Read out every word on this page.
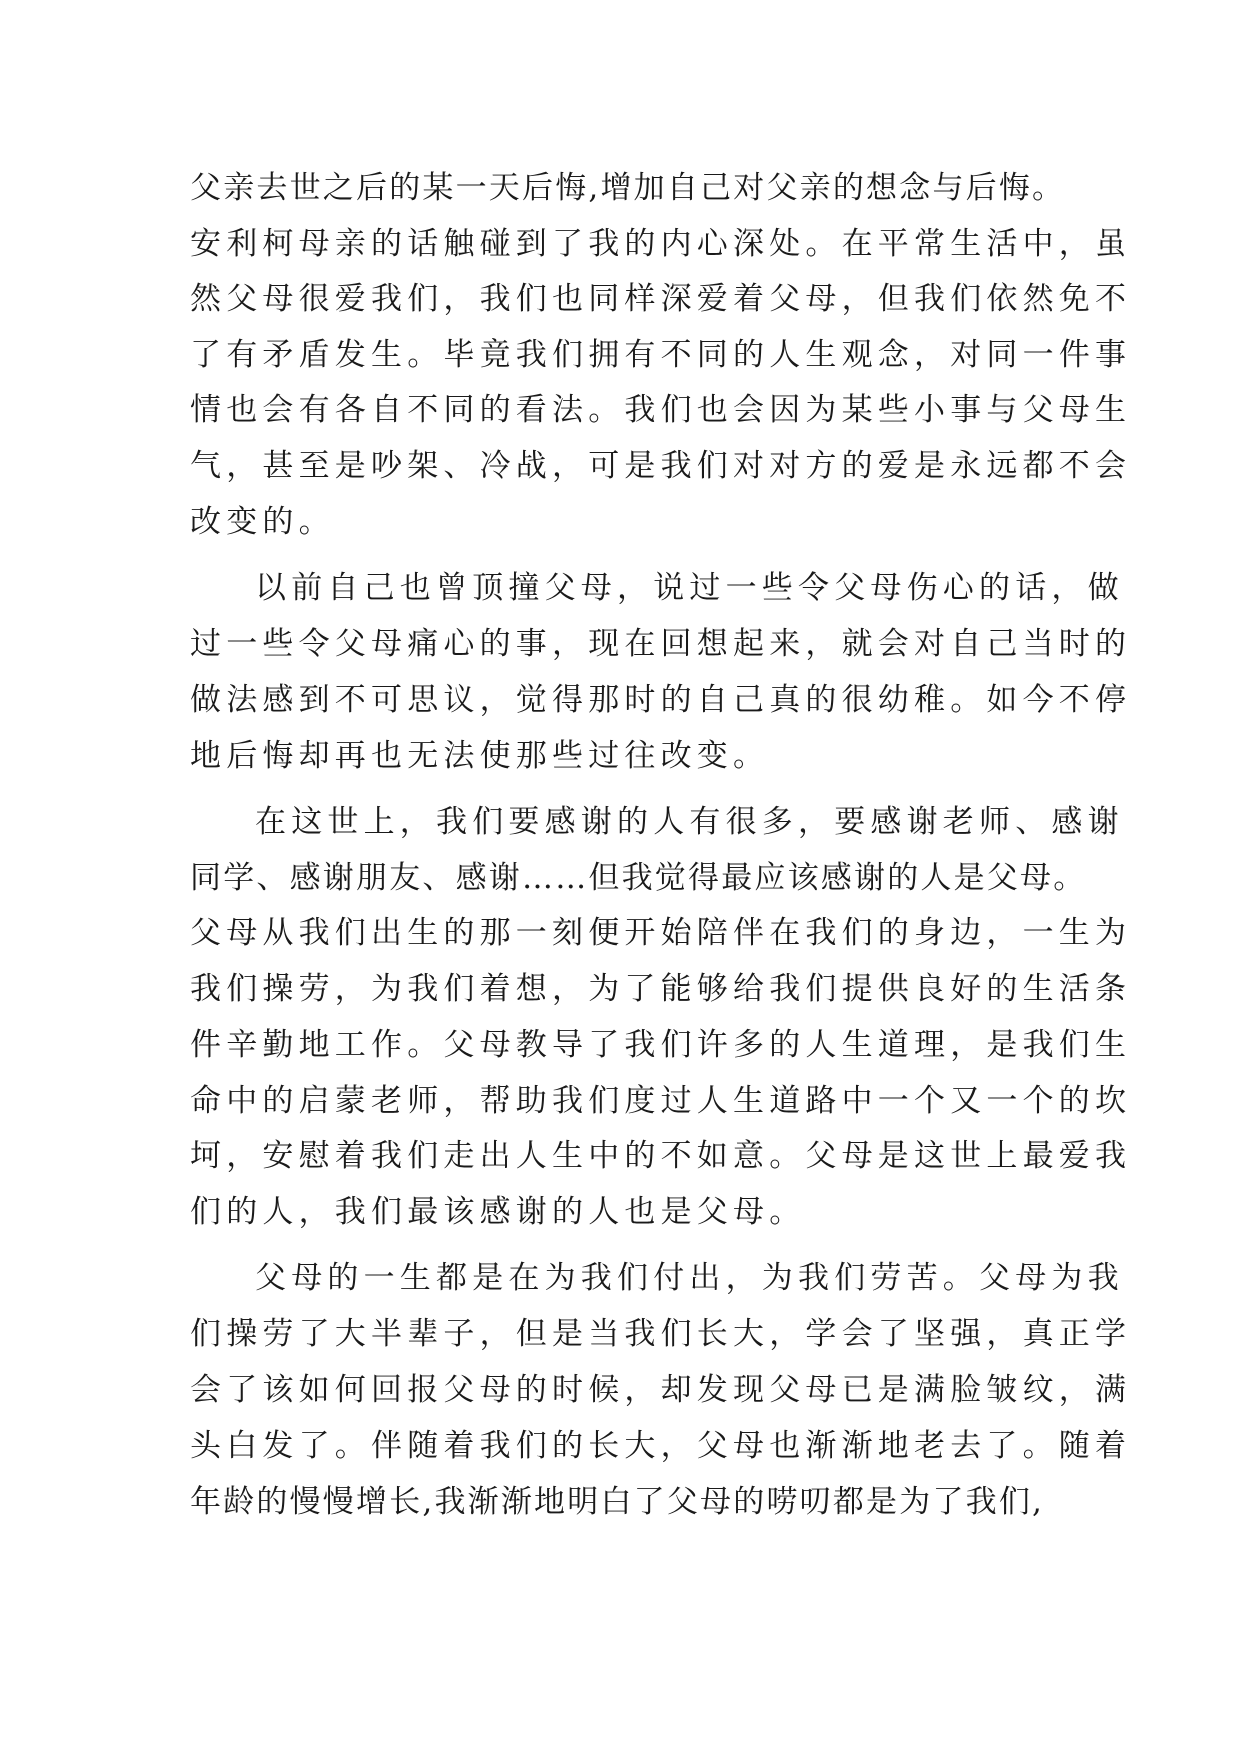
父亲去世之后的某一天后悔,增加自己对父亲的想念与后悔。
安利柯母亲的话触碰到了我的内心深处。在平常生活中，虽
然父母很爱我们，我们也同样深爱着父母，但我们依然免不
了有矛盾发生。毕竟我们拥有不同的人生观念，对同一件事
情也会有各自不同的看法。我们也会因为某些小事与父母生
气，甚至是吵架、冷战，可是我们对对方的爱是永远都不会
改变的。
以前自己也曾顶撞父母，说过一些令父母伤心的话，做
过一些令父母痛心的事，现在回想起来，就会对自己当时的
做法感到不可思议，觉得那时的自己真的很幼稚。如今不停
地后悔却再也无法使那些过往改变。
在这世上，我们要感谢的人有很多，要感谢老师、感谢
同学、感谢朋友、感谢……但我觉得最应该感谢的人是父母。
父母从我们出生的那一刻便开始陪伴在我们的身边，一生为
我们操劳，为我们着想，为了能够给我们提供良好的生活条
件辛勤地工作。父母教导了我们许多的人生道理，是我们生
命中的启蒙老师，帮助我们度过人生道路中一个又一个的坎
坷，安慰着我们走出人生中的不如意。父母是这世上最爱我
们的人，我们最该感谢的人也是父母。
父母的一生都是在为我们付出，为我们劳苦。父母为我
们操劳了大半辈子，但是当我们长大，学会了坚强，真正学
会了该如何回报父母的时候，却发现父母已是满脸皱纹，满
头白发了。伴随着我们的长大，父母也渐渐地老去了。随着
年龄的慢慢增长,我渐渐地明白了父母的唠叨都是为了我们,
